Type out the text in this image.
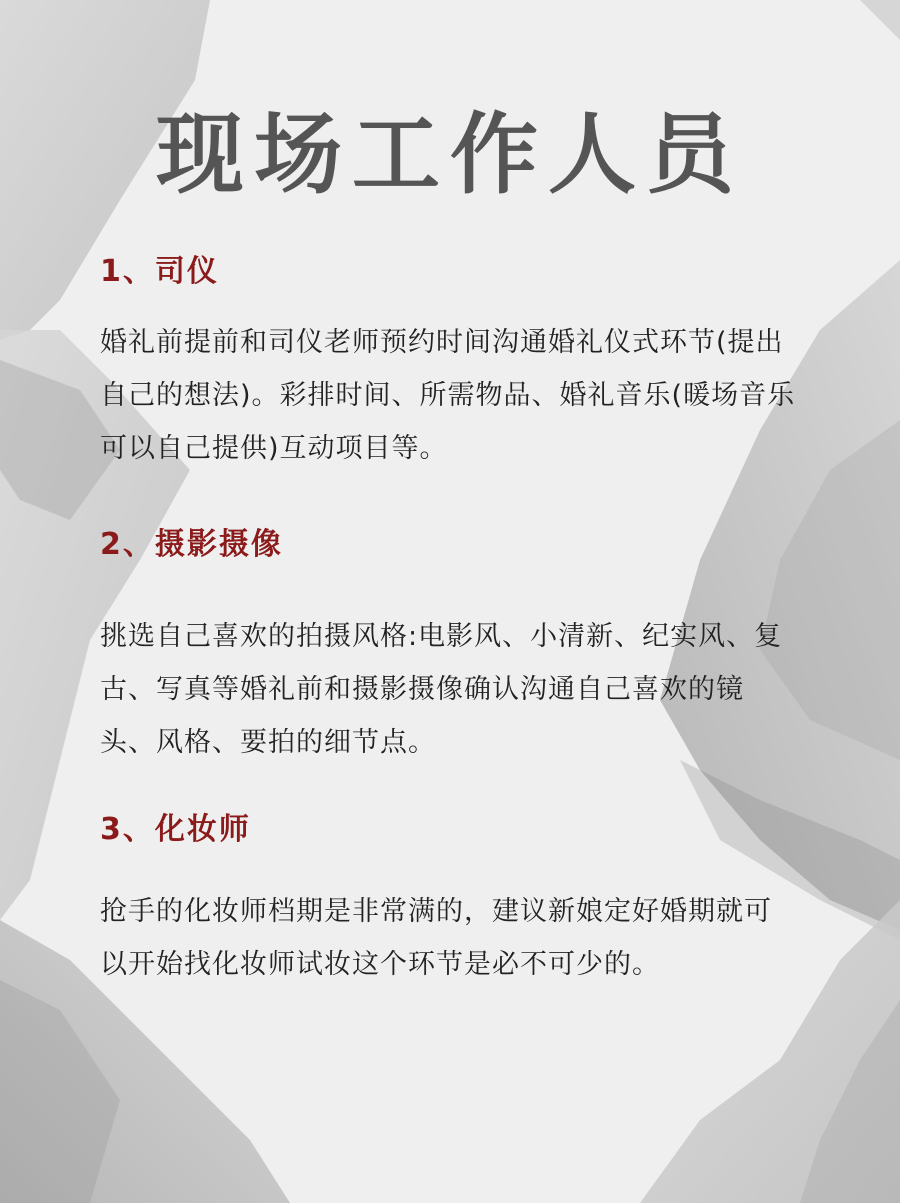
现场工作人员
1、司仪
婚礼前提前和司仪老师预约时间沟通婚礼仪式环节(提出
自己的想法)。彩排时间、所需物品、婚礼音乐(暖场音乐
可以自己提供)互动项目等。
2、摄影摄像
挑选自己喜欢的拍摄风格:电影风、小清新、纪实风、复
古、写真等婚礼前和摄影摄像确认沟通自己喜欢的镜
头、风格、要拍的细节点。
3、化妆师
抢手的化妆师档期是非常满的，建议新娘定好婚期就可
以开始找化妆师试妆这个环节是必不可少的。
